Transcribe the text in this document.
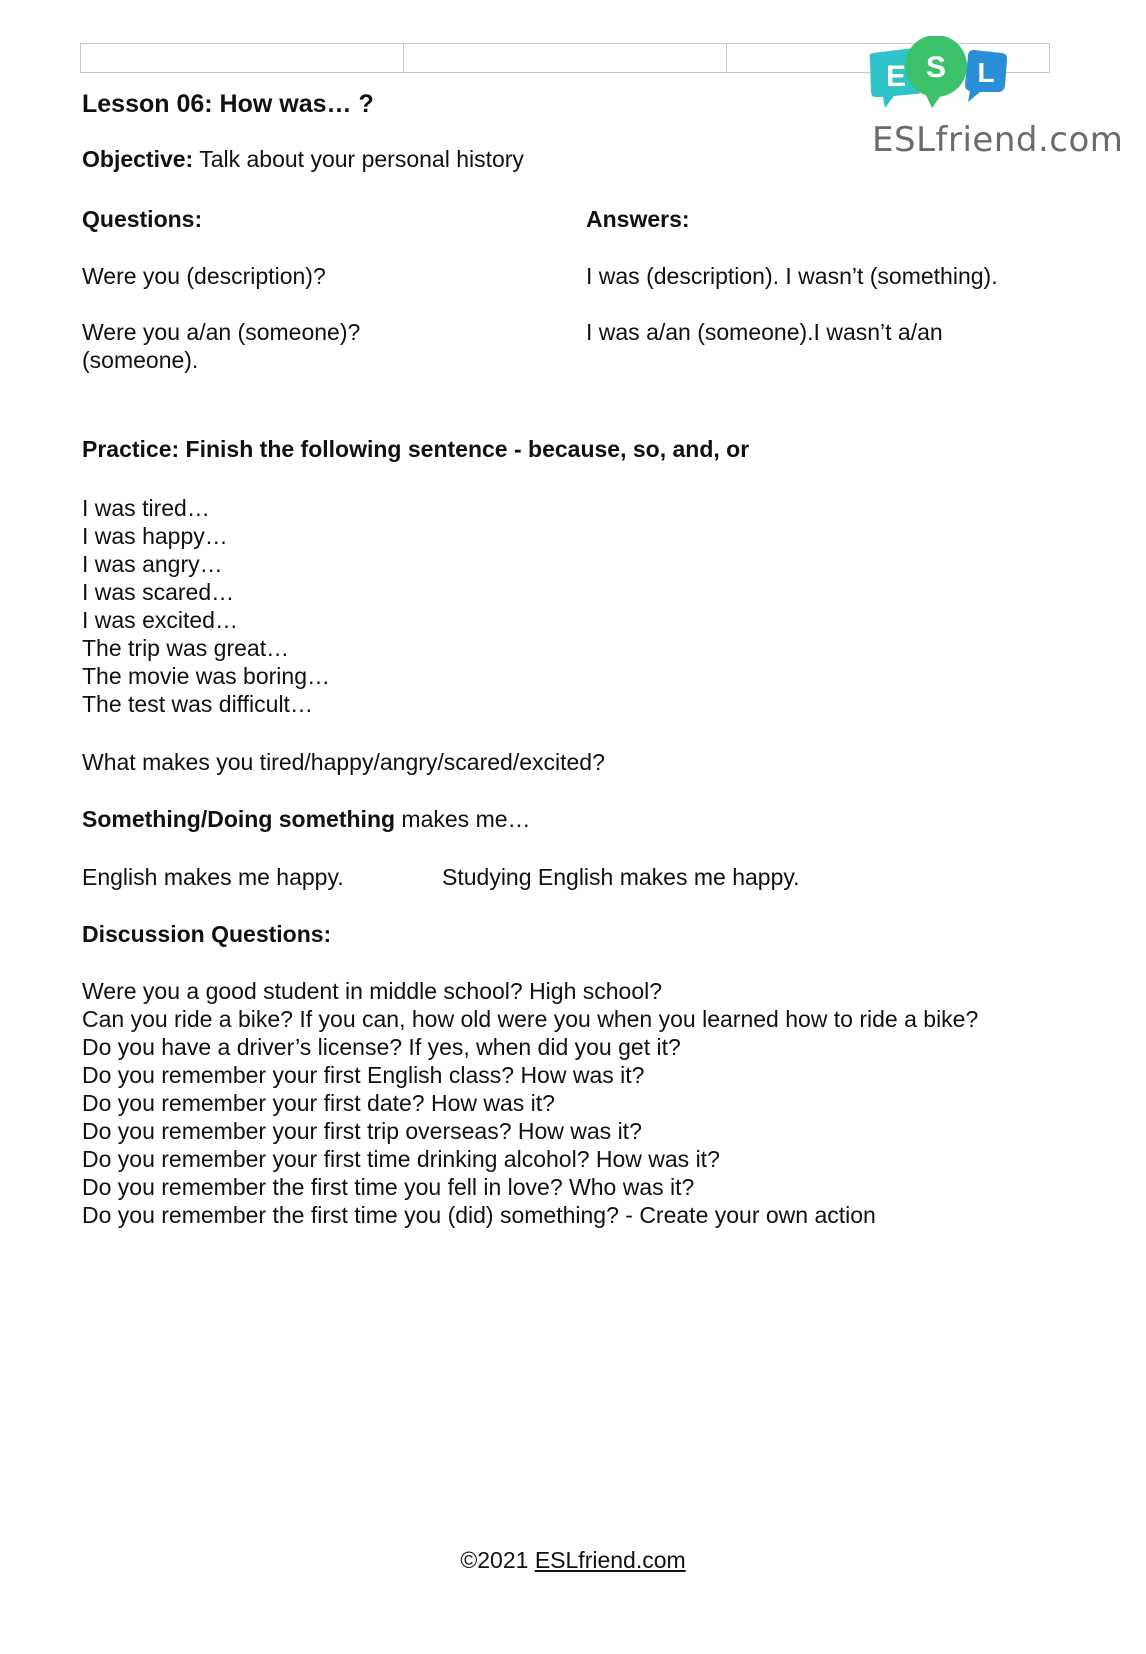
E S L
ESLfriend.com
Lesson 06: How was… ?
Objective: Talk about your personal history
Questions:	Answers:
Were you (description)?	I was (description). I wasn’t (something).
Were you a/an (someone)?	I was a/an (someone).I wasn’t a/an
(someone).
Practice: Finish the following sentence - because, so, and, or
I was tired…
I was happy…
I was angry…
I was scared…
I was excited…
The trip was great…
The movie was boring…
The test was difficult…
What makes you tired/happy/angry/scared/excited?
Something/Doing something makes me…
English makes me happy.	Studying English makes me happy.
Discussion Questions:
Were you a good student in middle school? High school?
Can you ride a bike? If you can, how old were you when you learned how to ride a bike?
Do you have a driver’s license? If yes, when did you get it?
Do you remember your first English class? How was it?
Do you remember your first date? How was it?
Do you remember your first trip overseas? How was it?
Do you remember your first time drinking alcohol? How was it?
Do you remember the first time you fell in love? Who was it?
Do you remember the first time you (did) something? - Create your own action
©2021 ESLfriend.com
